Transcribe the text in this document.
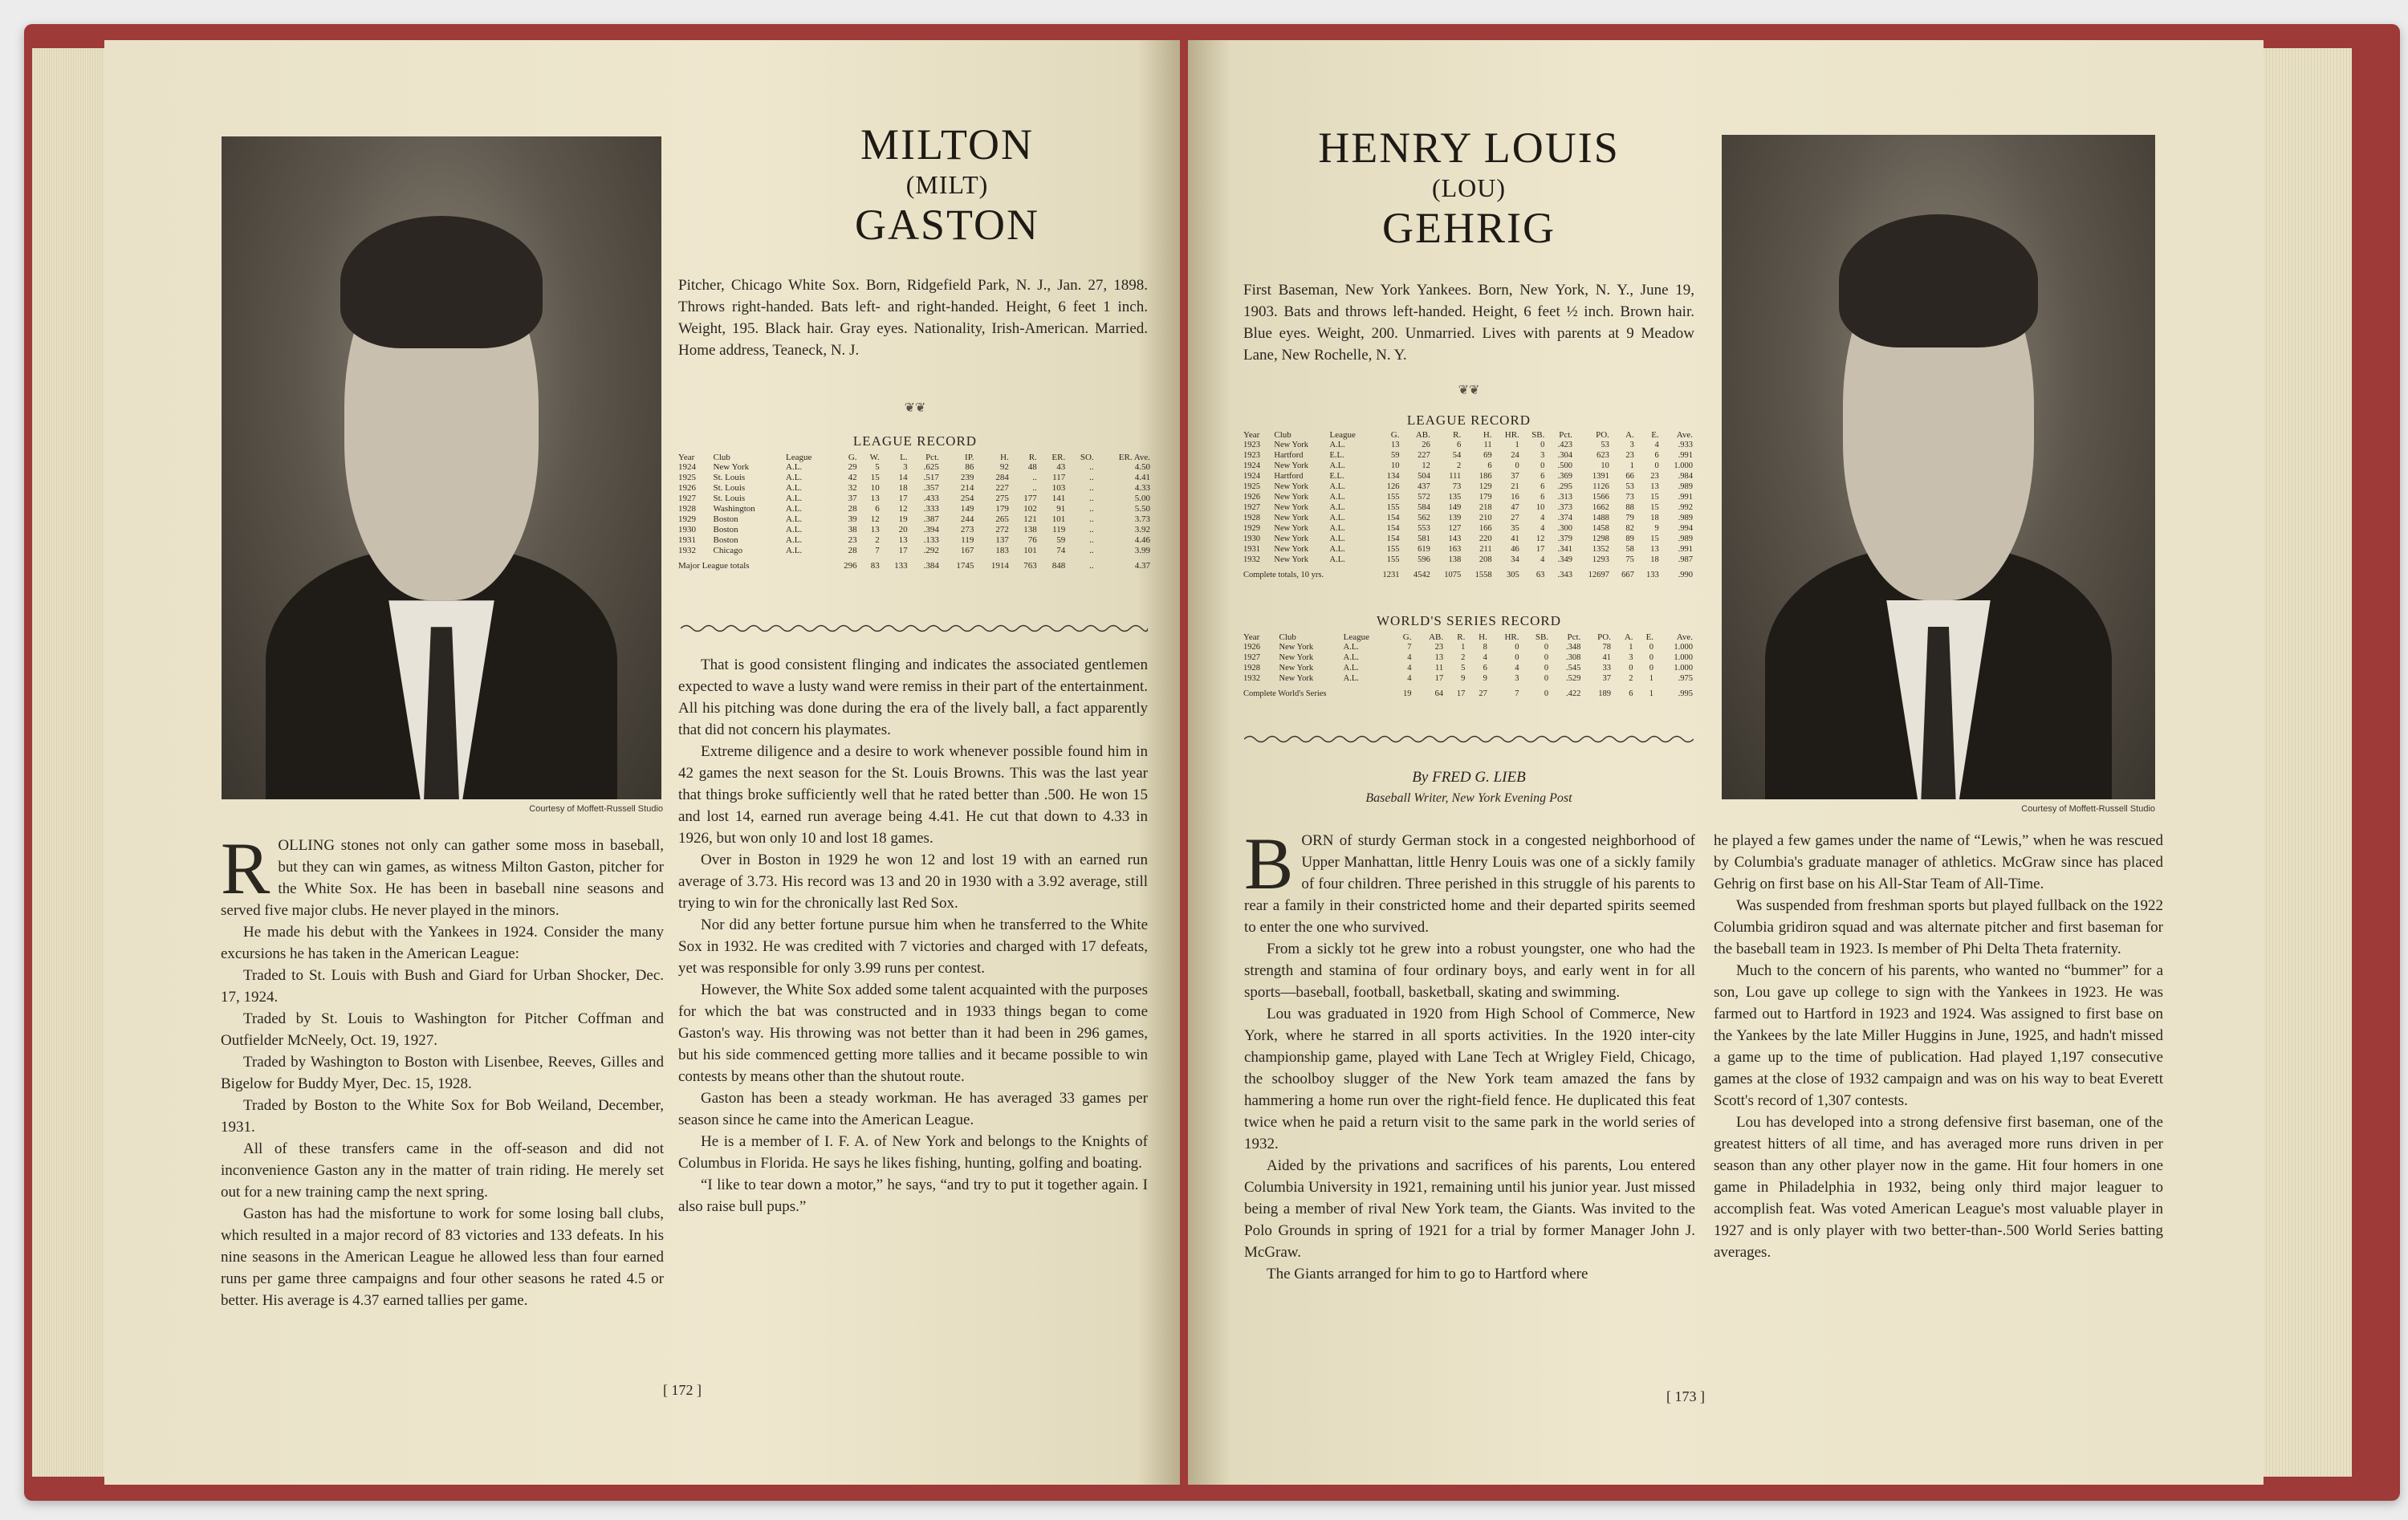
Courtesy of Moffett-Russell Studio
MILTON
(MILT)
GASTON

Pitcher, Chicago White Sox. Born, Ridgefield Park, N. J., Jan. 27, 1898. Throws right-handed. Bats left- and right-handed. Height, 6 feet 1 inch. Weight, 195. Black hair. Gray eyes. Nationality, Irish-American. Married. Home address, Teaneck, N. J.

❦❦
LEAGUE RECORD
Year	Club	League	G.	W.	L.	Pct.	IP.	H.	R.	ER.	SO.	ER. Ave.
1924	New York	A.L.	29	5	3	.625	86	92	48	43	..	4.50
1925	St. Louis	A.L.	42	15	14	.517	239	284	..	117	..	4.41
1926	St. Louis	A.L.	32	10	18	.357	214	227	..	103	..	4.33
1927	St. Louis	A.L.	37	13	17	.433	254	275	177	141	..	5.00
1928	Washington	A.L.	28	6	12	.333	149	179	102	91	..	5.50
1929	Boston	A.L.	39	12	19	.387	244	265	121	101	..	3.73
1930	Boston	A.L.	38	13	20	.394	273	272	138	119	..	3.92
1931	Boston	A.L.	23	2	13	.133	119	137	76	59	..	4.46
1932	Chicago	A.L.	28	7	17	.292	167	183	101	74	..	3.99
Major League totals			296	83	133	.384	1745	1914	763	848	..	4.37

That is good consistent flinging and indicates the associated gentlemen expected to wave a lusty wand were remiss in their part of the entertainment. All his pitching was done during the era of the lively ball, a fact apparently that did not concern his playmates.

Extreme diligence and a desire to work whenever possible found him in 42 games the next season for the St. Louis Browns. This was the last year that things broke sufficiently well that he rated better than .500. He won 15 and lost 14, earned run average being 4.41. He cut that down to 4.33 in 1926, but won only 10 and lost 18 games.

Over in Boston in 1929 he won 12 and lost 19 with an earned run average of 3.73. His record was 13 and 20 in 1930 with a 3.92 average, still trying to win for the chronically last Red Sox.

Nor did any better fortune pursue him when he transferred to the White Sox in 1932. He was credited with 7 victories and charged with 17 defeats, yet was responsible for only 3.99 runs per contest.

However, the White Sox added some talent acquainted with the purposes for which the bat was constructed and in 1933 things began to come Gaston's way. His throwing was not better than it had been in 296 games, but his side commenced getting more tallies and it became possible to win contests by means other than the shutout route.

Gaston has been a steady workman. He has averaged 33 games per season since he came into the American League.

He is a member of I. F. A. of New York and belongs to the Knights of Columbus in Florida. He says he likes fishing, hunting, golfing and boating.

“I like to tear down a motor,” he says, “and try to put it together again. I also raise bull pups.”

R OLLING stones not only can gather some moss in baseball, but they can win games, as witness Milton Gaston, pitcher for the White Sox. He has been in baseball nine seasons and served five major clubs. He never played in the minors.

He made his debut with the Yankees in 1924. Consider the many excursions he has taken in the American League:

Traded to St. Louis with Bush and Giard for Urban Shocker, Dec. 17, 1924.

Traded by St. Louis to Washington for Pitcher Coffman and Outfielder McNeely, Oct. 19, 1927.

Traded by Washington to Boston with Lisenbee, Reeves, Gilles and Bigelow for Buddy Myer, Dec. 15, 1928.

Traded by Boston to the White Sox for Bob Weiland, December, 1931.

All of these transfers came in the off-season and did not inconvenience Gaston any in the matter of train riding. He merely set out for a new training camp the next spring.

Gaston has had the misfortune to work for some losing ball clubs, which resulted in a major record of 83 victories and 133 defeats. In his nine seasons in the American League he allowed less than four earned runs per game three campaigns and four other seasons he rated 4.5 or better. His average is 4.37 earned tallies per game.

[ 172 ]
Courtesy of Moffett-Russell Studio
HENRY LOUIS
(LOU)
GEHRIG

First Baseman, New York Yankees. Born, New York, N. Y., June 19, 1903. Bats and throws left-handed. Height, 6 feet ½ inch. Brown hair. Blue eyes. Weight, 200. Unmarried. Lives with parents at 9 Meadow Lane, New Rochelle, N. Y.

❦❦
LEAGUE RECORD
Year	Club	League	G.	AB.	R.	H.	HR.	SB.	Pct.	PO.	A.	E.	Ave.
1923	New York	A.L.	13	26	6	11	1	0	.423	53	3	4	.933
1923	Hartford	E.L.	59	227	54	69	24	3	.304	623	23	6	.991
1924	New York	A.L.	10	12	2	6	0	0	.500	10	1	0	1.000
1924	Hartford	E.L.	134	504	111	186	37	6	.369	1391	66	23	.984
1925	New York	A.L.	126	437	73	129	21	6	.295	1126	53	13	.989
1926	New York	A.L.	155	572	135	179	16	6	.313	1566	73	15	.991
1927	New York	A.L.	155	584	149	218	47	10	.373	1662	88	15	.992
1928	New York	A.L.	154	562	139	210	27	4	.374	1488	79	18	.989
1929	New York	A.L.	154	553	127	166	35	4	.300	1458	82	9	.994
1930	New York	A.L.	154	581	143	220	41	12	.379	1298	89	15	.989
1931	New York	A.L.	155	619	163	211	46	17	.341	1352	58	13	.991
1932	New York	A.L.	155	596	138	208	34	4	.349	1293	75	18	.987
Complete totals, 10 yrs.			1231	4542	1075	1558	305	63	.343	12697	667	133	.990
WORLD'S SERIES RECORD
Year	Club	League	G.	AB.	R.	H.	HR.	SB.	Pct.	PO.	A.	E.	Ave.
1926	New York	A.L.	7	23	1	8	0	0	.348	78	1	0	1.000
1927	New York	A.L.	4	13	2	4	0	0	.308	41	3	0	1.000
1928	New York	A.L.	4	11	5	6	4	0	.545	33	0	0	1.000
1932	New York	A.L.	4	17	9	9	3	0	.529	37	2	1	.975
Complete World's Series			19	64	17	27	7	0	.422	189	6	1	.995
By FRED G. LIEB
Baseball Writer, New York Evening Post
B ORN of sturdy German stock in a congested neighborhood of Upper Manhattan, little Henry Louis was one of a sickly family of four children. Three perished in this struggle of his parents to rear a family in their constricted home and their departed spirits seemed to enter the one who survived.

From a sickly tot he grew into a robust youngster, one who had the strength and stamina of four ordinary boys, and early went in for all sports—baseball, football, basketball, skating and swimming.

Lou was graduated in 1920 from High School of Commerce, New York, where he starred in all sports activities. In the 1920 inter-city championship game, played with Lane Tech at Wrigley Field, Chicago, the schoolboy slugger of the New York team amazed the fans by hammering a home run over the right-field fence. He duplicated this feat twice when he paid a return visit to the same park in the world series of 1932.

Aided by the privations and sacrifices of his parents, Lou entered Columbia University in 1921, remaining until his junior year. Just missed being a member of rival New York team, the Giants. Was invited to the Polo Grounds in spring of 1921 for a trial by former Manager John J. McGraw.

The Giants arranged for him to go to Hartford where

he played a few games under the name of “Lewis,” when he was rescued by Columbia's graduate manager of athletics. McGraw since has placed Gehrig on first base on his All-Star Team of All-Time.

Was suspended from freshman sports but played fullback on the 1922 Columbia gridiron squad and was alternate pitcher and first baseman for the baseball team in 1923. Is member of Phi Delta Theta fraternity.

Much to the concern of his parents, who wanted no “bummer” for a son, Lou gave up college to sign with the Yankees in 1923. He was farmed out to Hartford in 1923 and 1924. Was assigned to first base on the Yankees by the late Miller Huggins in June, 1925, and hadn't missed a game up to the time of publication. Had played 1,197 consecutive games at the close of 1932 campaign and was on his way to beat Everett Scott's record of 1,307 contests.

Lou has developed into a strong defensive first baseman, one of the greatest hitters of all time, and has averaged more runs driven in per season than any other player now in the game. Hit four homers in one game in Philadelphia in 1932, being only third major leaguer to accomplish feat. Was voted American League's most valuable player in 1927 and is only player with two better-than-.500 World Series batting averages.

[ 173 ]
